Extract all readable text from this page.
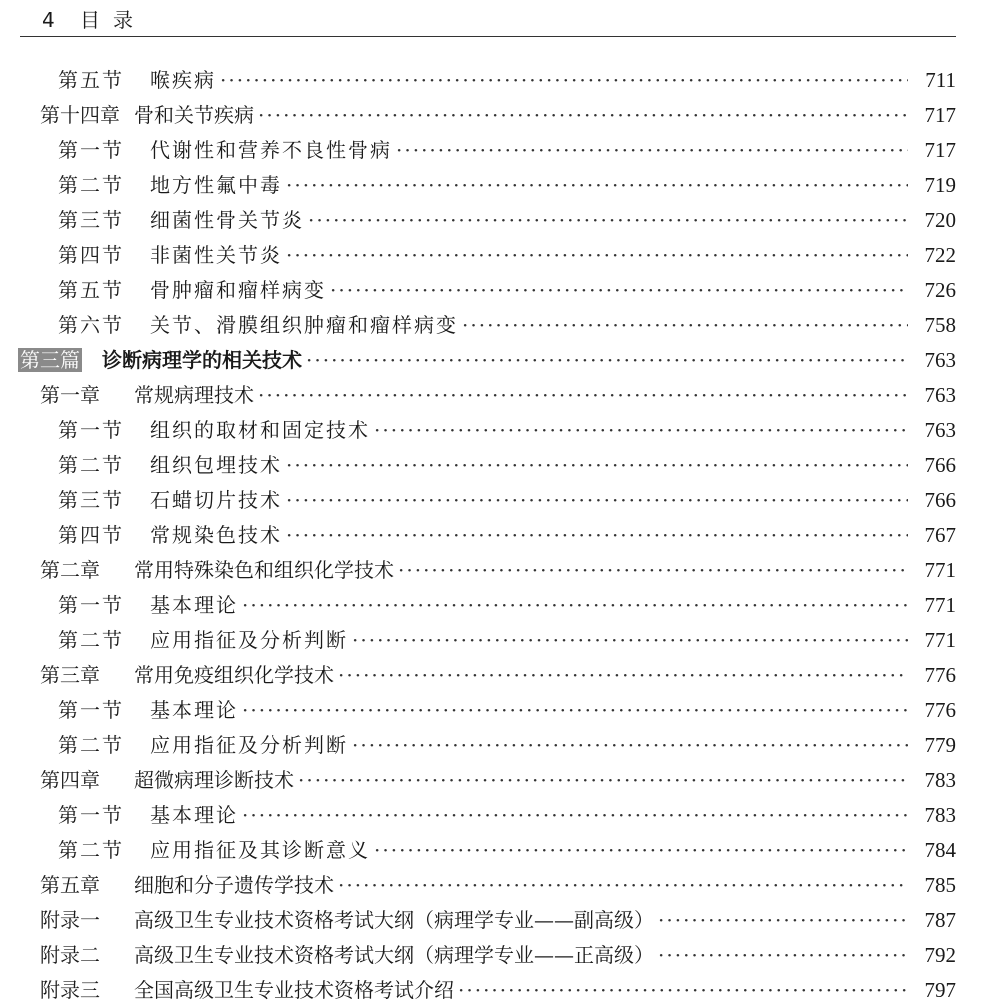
4 目录
第五节	喉疾病 ·····	711
第十四章 骨和关节疾病 ·····	717
第一节	代谢性和营养不良性骨病 ·····	717
第二节	地方性氟中毒 ·····	719
第三节	细菌性骨关节炎 ·····	720
第四节	非菌性关节炎 ·····	722
第五节	骨肿瘤和瘤样病变 ·····	726
第六节	关节、滑膜组织肿瘤和瘤样病变 ·····	758
第三篇 诊断病理学的相关技术 ·····	763
第一章	常规病理技术 ·····	763
第一节	组织的取材和固定技术 ·····	763
第二节	组织包埋技术 ·····	766
第三节	石蜡切片技术 ·····	766
第四节	常规染色技术 ·····	767
第二章	常用特殊染色和组织化学技术 ·····	771
第一节	基本理论 ·····	771
第二节	应用指征及分析判断 ·····	771
第三章	常用免疫组织化学技术 ·····	776
第一节	基本理论 ·····	776
第二节	应用指征及分析判断 ·····	779
第四章	超微病理诊断技术 ·····	783
第一节	基本理论 ·····	783
第二节	应用指征及其诊断意义 ·····	784
第五章	细胞和分子遗传学技术 ·····	785
附录一	高级卫生专业技术资格考试大纲（病理学专业——副高级） ·····	787
附录二	高级卫生专业技术资格考试大纲（病理学专业——正高级） ·····	792
附录三	全国高级卫生专业技术资格考试介绍 ·····	797
